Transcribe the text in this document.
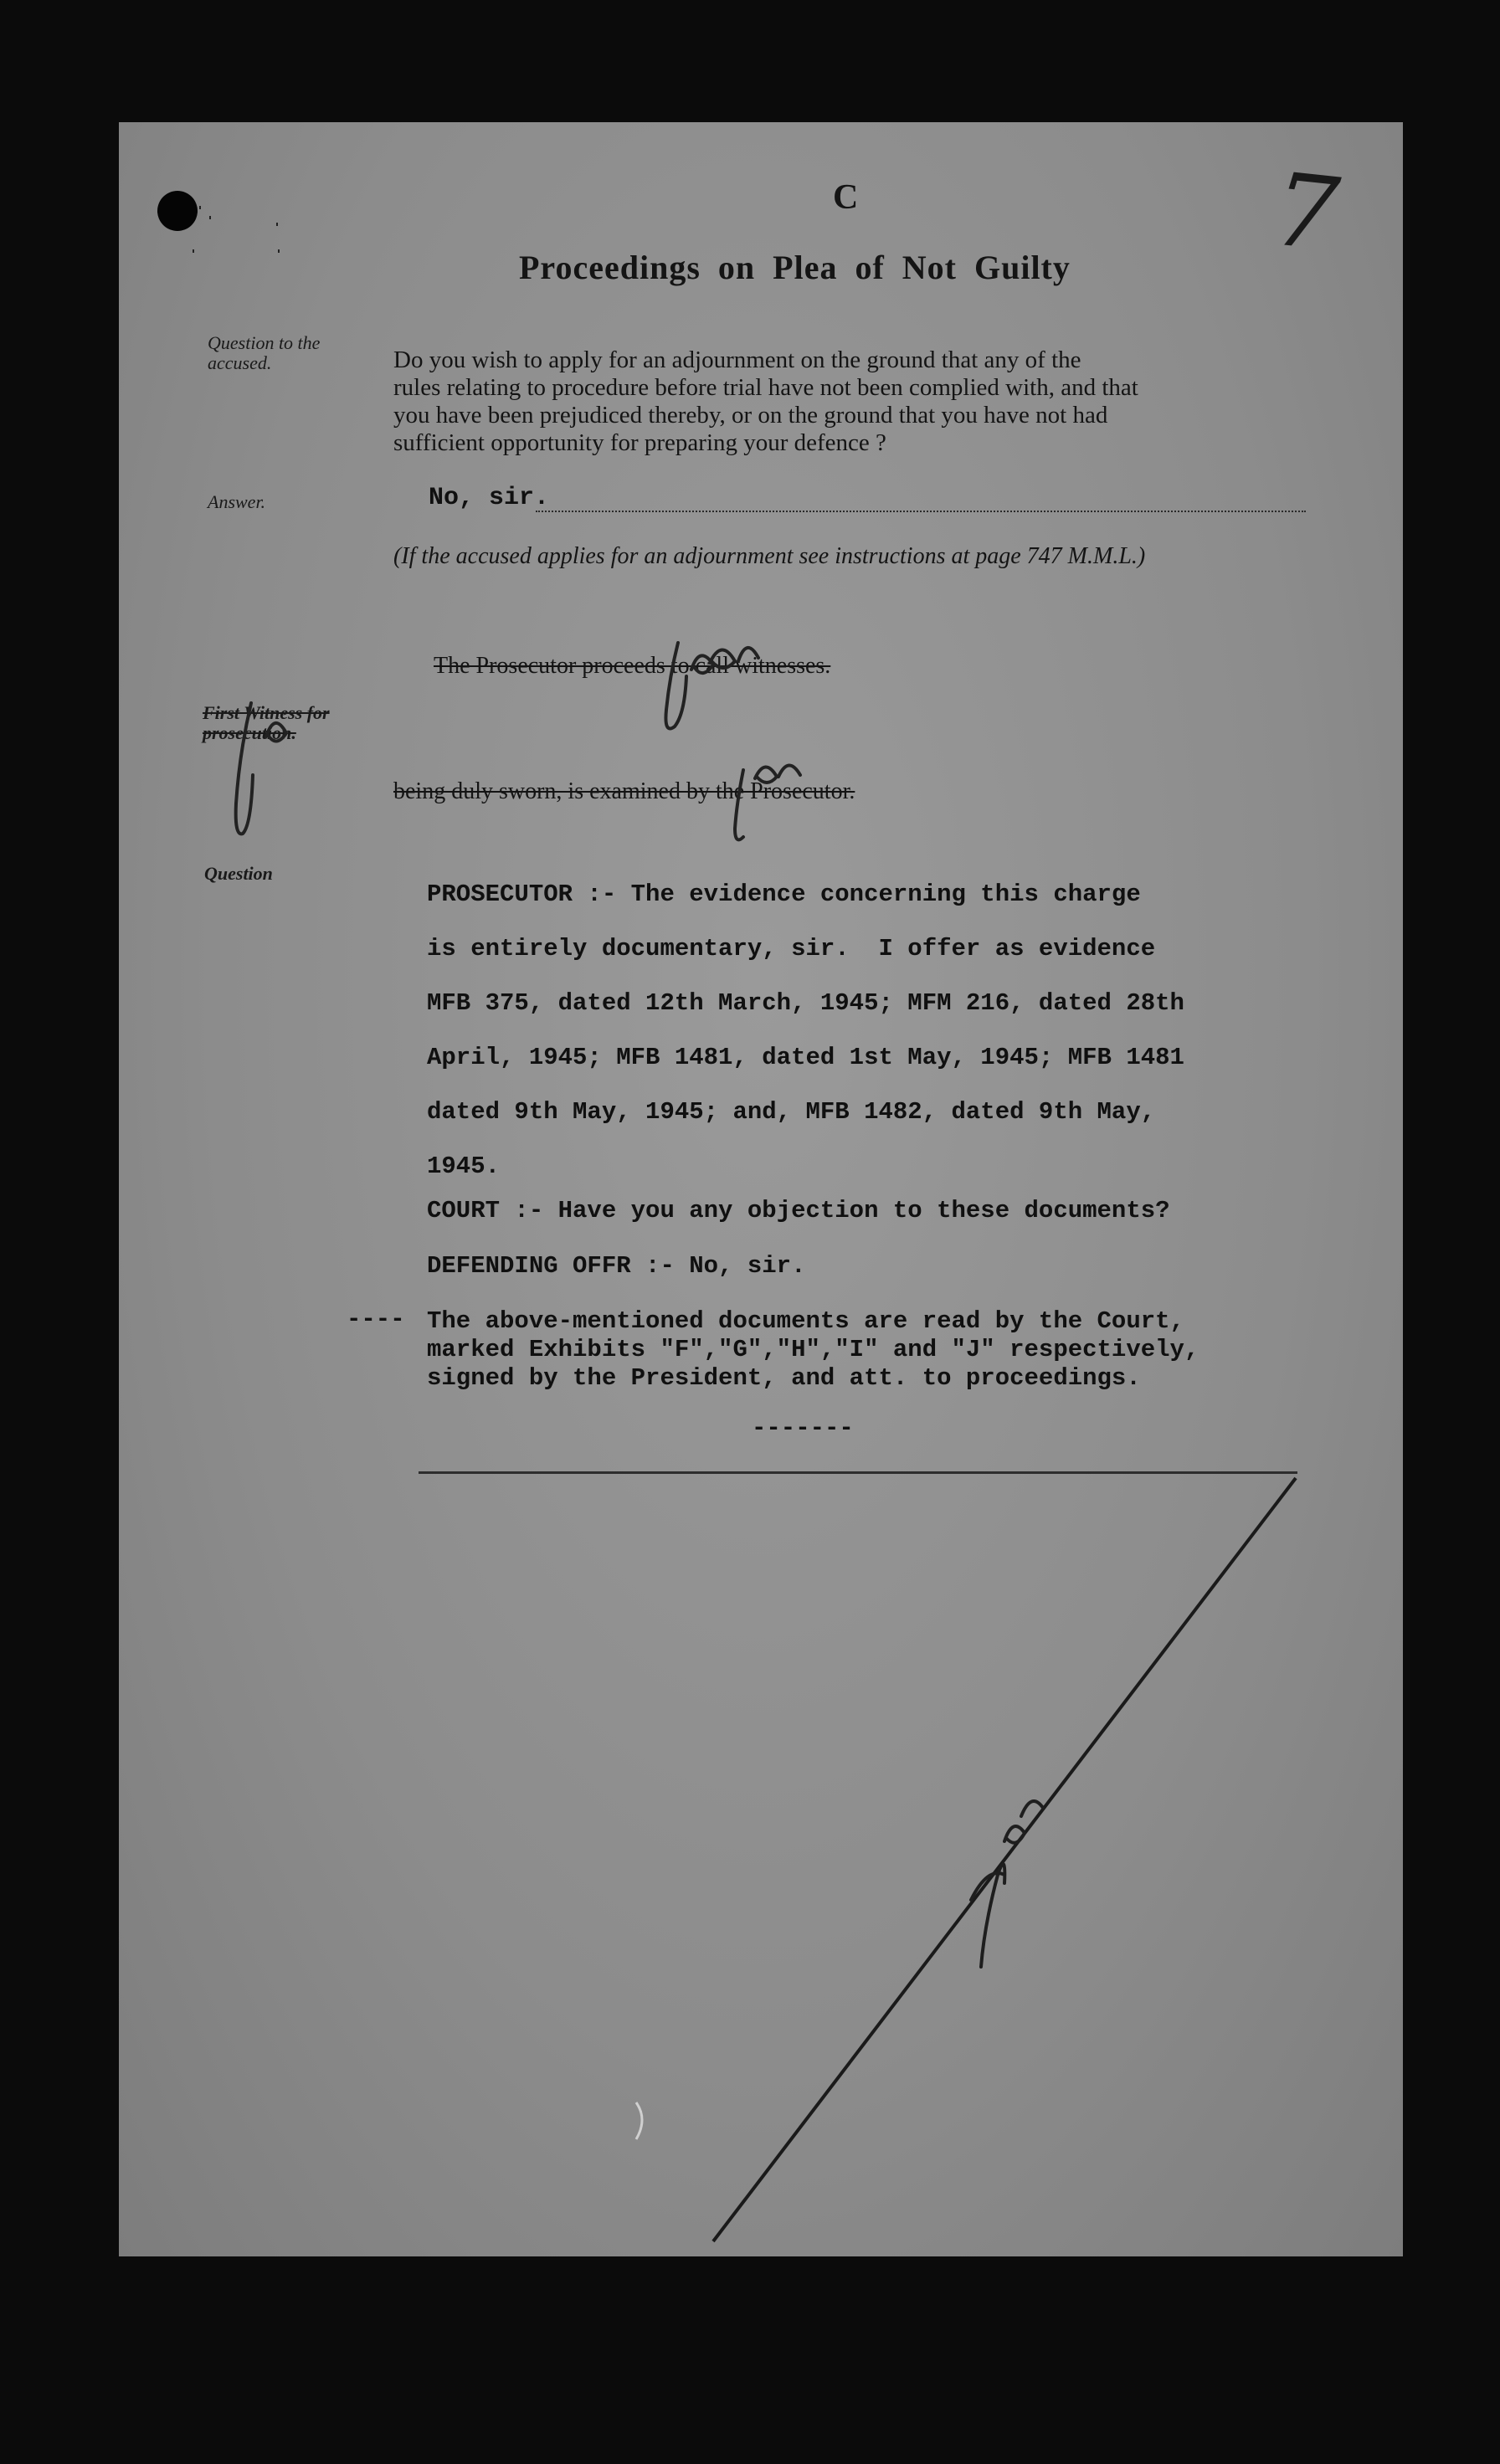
C	7
Proceedings on Plea of Not Guilty
Question to the accused.
Answer.
First Witness for prosecution.
Question
Do you wish to apply for an adjournment on the ground that any of the
rules relating to procedure before trial have not been complied with, and that
you have been prejudiced thereby, or on the ground that you have not had
sufficient opportunity for preparing your defence ?
No, sir.
(If the accused applies for an adjournment see instructions at page 747 M.M.L.)
The Prosecutor proceeds to call witnesses.
being duly sworn, is examined by the Prosecutor.
PROSECUTOR :- The evidence concerning this charge
is entirely documentary, sir.  I offer as evidence
MFB 375, dated 12th March, 1945; MFM 216, dated 28th
April, 1945; MFB 1481, dated 1st May, 1945; MFB 1481
dated 9th May, 1945; and, MFB 1482, dated 9th May,
1945.
COURT :- Have you any objection to these documents?
DEFENDING OFFR :- No, sir.
---- The above-mentioned documents are read by the Court,
marked Exhibits "F","G","H","I" and "J" respectively,
signed by the President, and att. to proceedings.
-------
